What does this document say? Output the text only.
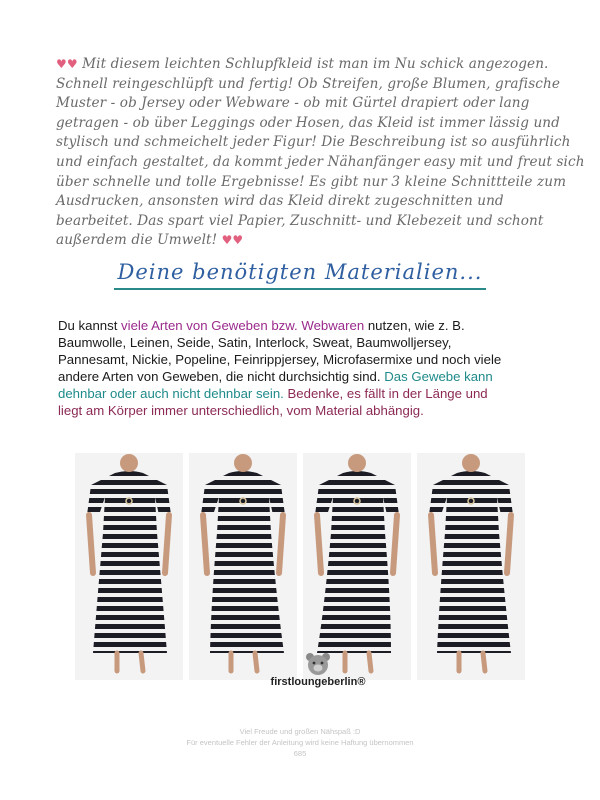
♥♥ Mit diesem leichten Schlupfkleid ist man im Nu schick angezogen.
Schnell reingeschlüpft und fertig! Ob Streifen, große Blumen, grafische
Muster - ob Jersey oder Webware - ob mit Gürtel drapiert oder lang
getragen - ob über Leggings oder Hosen, das Kleid ist immer lässig und
stylisch und schmeichelt jeder Figur! Die Beschreibung ist so ausführlich
und einfach gestaltet, da kommt jeder Nähanfänger easy mit und freut sich
über schnelle und tolle Ergebnisse! Es gibt nur 3 kleine Schnittteile zum
Ausdrucken, ansonsten wird das Kleid direkt zugeschnitten und
bearbeitet. Das spart viel Papier, Zuschnitt- und Klebezeit und schont
außerdem die Umwelt! ♥♥
Deine benötigten Materialien...
Du kannst viele Arten von Geweben bzw. Webwaren nutzen, wie z. B.
Baumwolle, Leinen, Seide, Satin, Interlock, Sweat, Baumwolljersey,
Pannesamt, Nickie, Popeline, Feinrippjersey, Microfasermixe und noch viele
andere Arten von Geweben, die nicht durchsichtig sind. Das Gewebe kann
dehnbar oder auch nicht dehnbar sein. Bedenke, es fällt in der Länge und
liegt am Körper immer unterschiedlich, vom Material abhängig.
firstloungeberlin®
Viel Freude und großen Nähspaß :D
Für eventuelle Fehler der Anleitung wird keine Haftung übernommen
685
